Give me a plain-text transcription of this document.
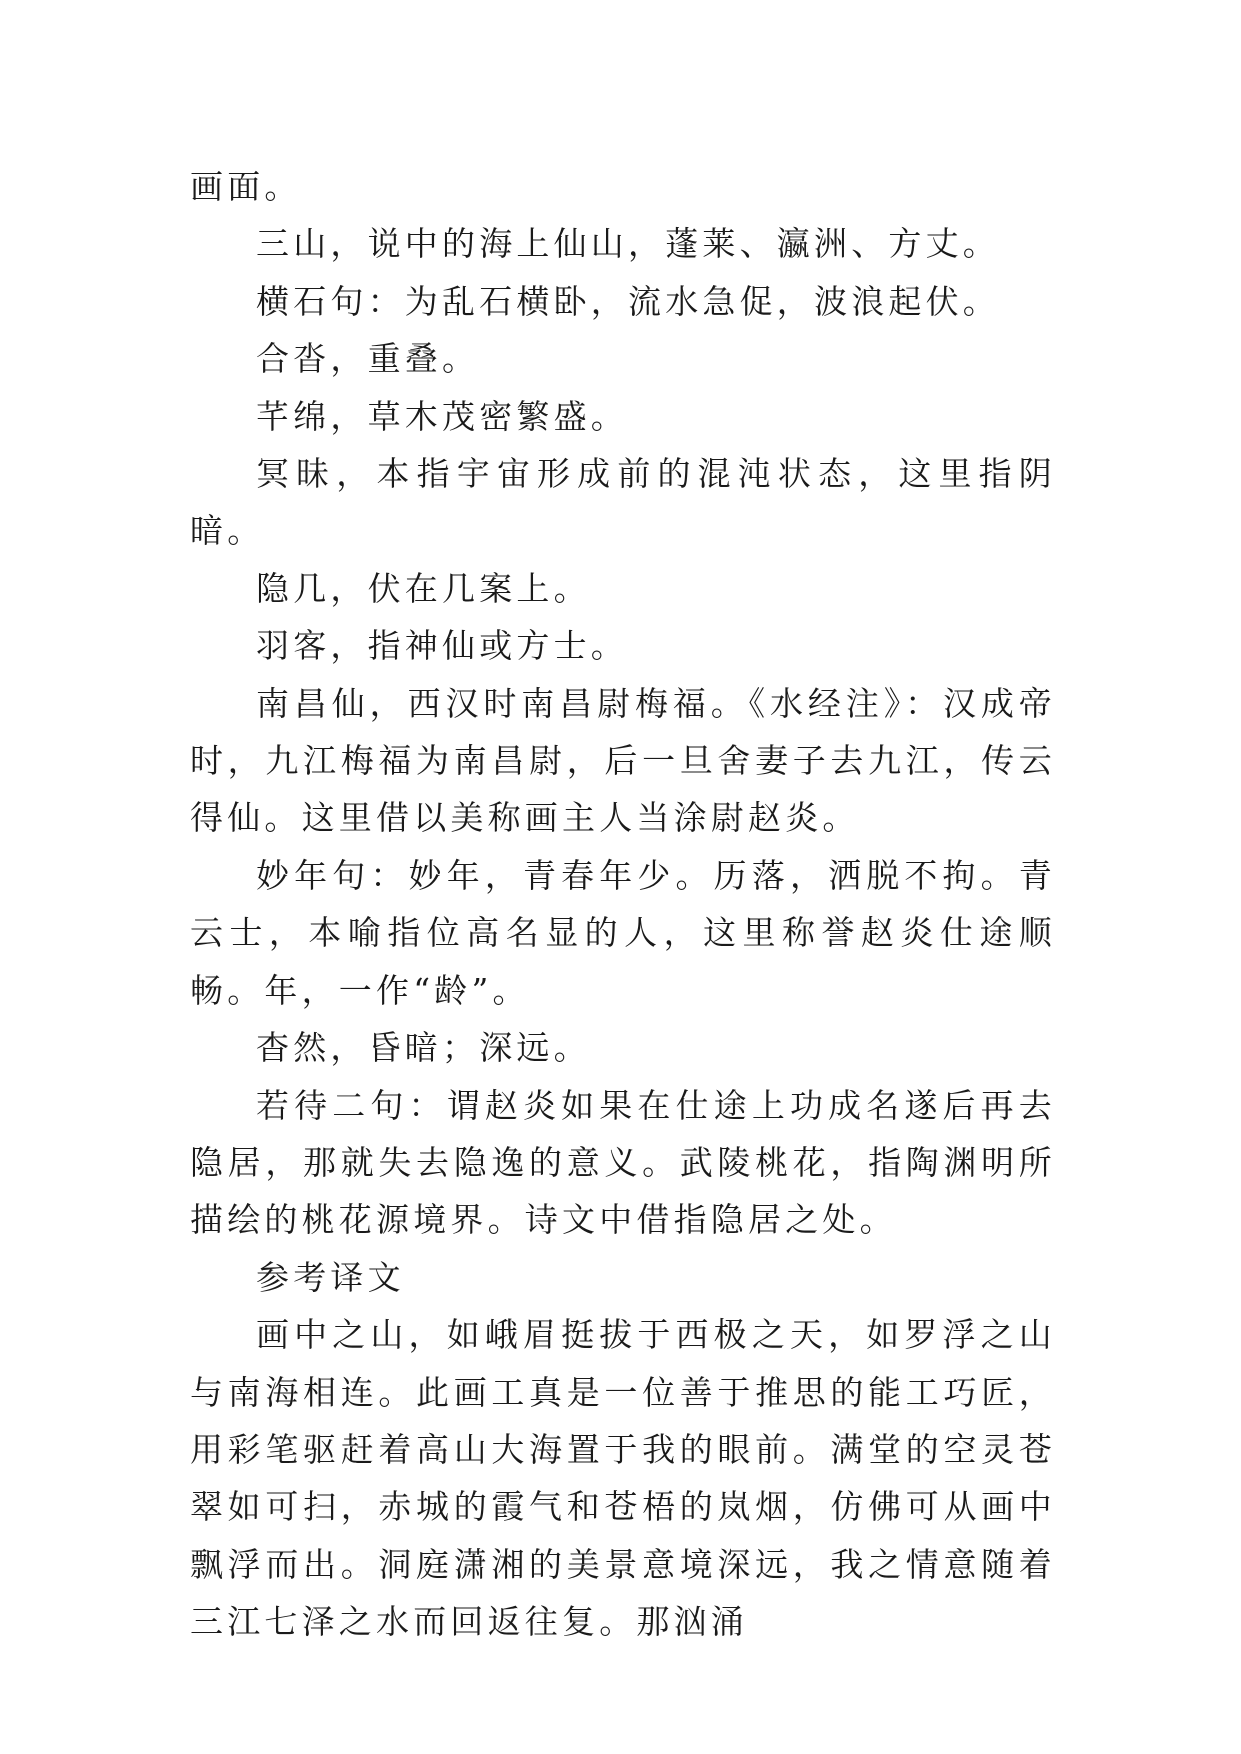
画面。

三山，说中的海上仙山，蓬莱、瀛洲、方丈。

横石句：为乱石横卧，流水急促，波浪起伏。

合沓，重叠。

芊绵，草木茂密繁盛。

冥昧，本指宇宙形成前的混沌状态，这里指阴暗。

隐几，伏在几案上。

羽客，指神仙或方士。

南昌仙，西汉时南昌尉梅福。《水经注》：汉成帝时，九江梅福为南昌尉，后一旦舍妻子去九江，传云得仙。这里借以美称画主人当涂尉赵炎。

妙年句：妙年，青春年少。历落，洒脱不拘。青云士，本喻指位高名显的人，这里称誉赵炎仕途顺畅。年，一作“龄”。

杳然，昏暗；深远。

若待二句：谓赵炎如果在仕途上功成名遂后再去隐居，那就失去隐逸的意义。武陵桃花，指陶渊明所描绘的桃花源境界。诗文中借指隐居之处。

参考译文

画中之山，如峨眉挺拔于西极之天，如罗浮之山与南海相连。此画工真是一位善于推思的能工巧匠，用彩笔驱赶着高山大海置于我的眼前。满堂的空灵苍翠如可扫，赤城的霞气和苍梧的岚烟，仿佛可从画中飘浮而出。洞庭潇湘的美景意境深远，我之情意随着三江七泽之水而回返往复。那汹涌
